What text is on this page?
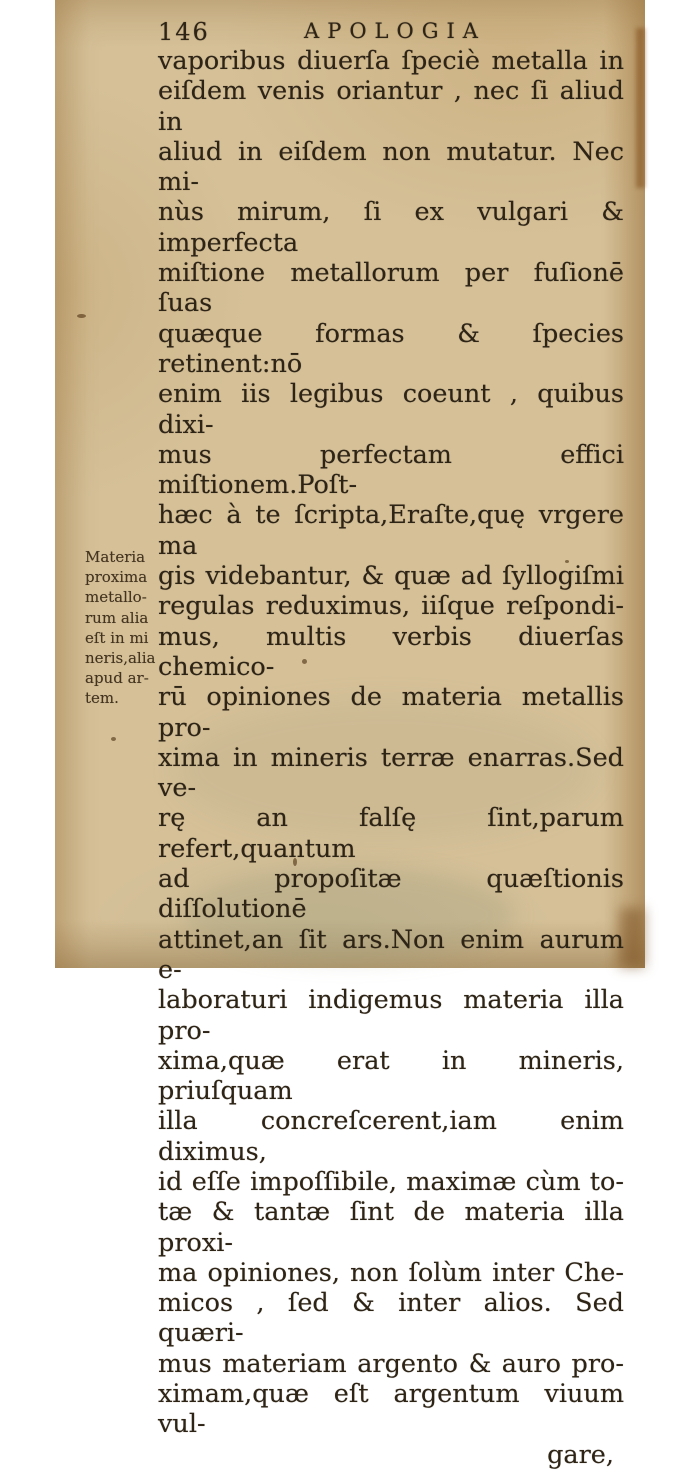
146	APOLOGIA
Materia
proxima
metallo-
rum alia
eſt in mi
neris,alia
apud ar-
tem.
vaporibus diuerſa ſpeciè metalla in
eiſdem venis oriantur , nec ſi aliud in
aliud in eiſdem non mutatur. Nec mi-
nùs mirum, ſi ex vulgari & imperfecta
miſtione metallorum per fuſionē ſuas
quæque formas & ſpecies retinent:nō
enim iis legibus coeunt , quibus dixi-
mus perfectam effici miſtionem.Poſt-
hæc à te ſcripta,Eraſte,quę vrgere ma
gis videbantur, & quæ ad ſyllogiſmi
regulas reduximus, iiſque reſpondi-
mus, multis verbis diuerſas chemico-
rū opiniones de materia metallis pro-
xima in mineris terræ enarras.Sed ve-
rę an falſę ſint,parum refert,quantum
ad propoſitæ quæſtionis diſſolutionē
attinet,an ſit ars.Non enim aurum e-
laboraturi indigemus materia illa pro-
xima,quæ erat in mineris, priuſquam
illa concreſcerent,iam enim diximus,
id eſſe impoſſibile, maximæ cùm to-
tæ & tantæ ſint de materia illa proxi-
ma opiniones, non ſolùm inter Che-
micos , ſed & inter alios. Sed quæri-
mus materiam argento & auro pro-
ximam,quæ eſt argentum viuum vul-
gare,
